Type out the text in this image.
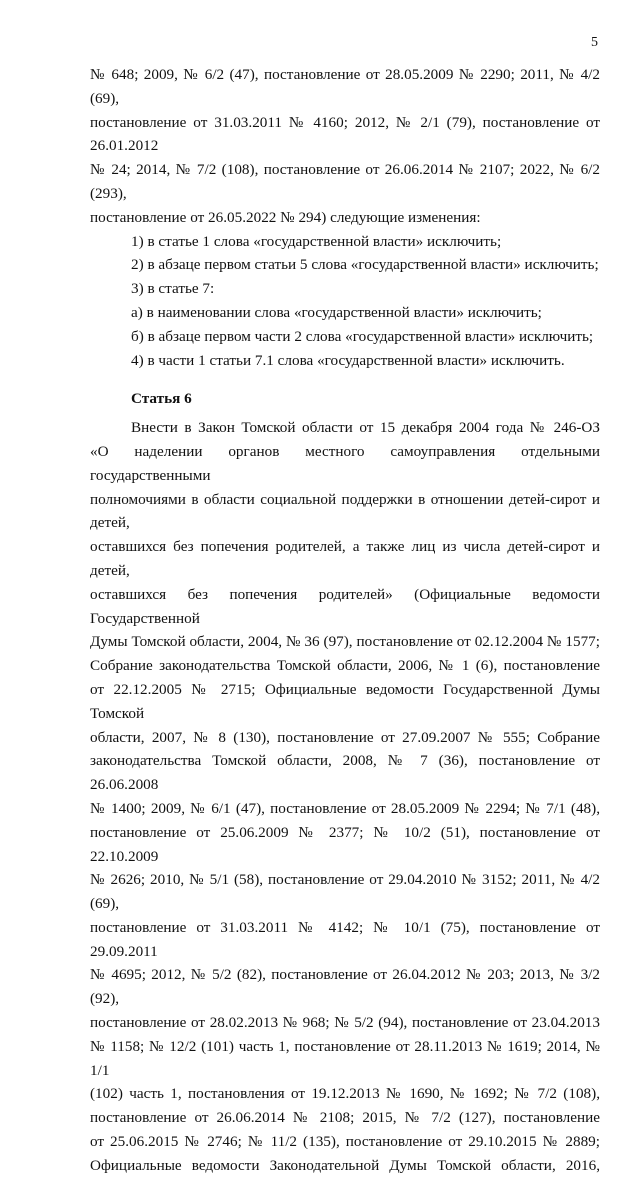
5

№ 648; 2009, № 6/2 (47), постановление от 28.05.2009 № 2290; 2011, № 4/2 (69),

постановление от 31.03.2011 № 4160; 2012, № 2/1 (79), постановление от 26.01.2012

№ 24; 2014, № 7/2 (108), постановление от 26.06.2014 № 2107; 2022, № 6/2 (293),

постановление от 26.05.2022 № 294) следующие изменения:

1) в статье 1 слова «государственной власти» исключить;

2) в абзаце первом статьи 5 слова «государственной власти» исключить;

3) в статье 7:

а) в наименовании слова «государственной власти» исключить;

б) в абзаце первом части 2 слова «государственной власти» исключить;

4) в части 1 статьи 7.1 слова «государственной власти» исключить.

Статья 6

Внести в Закон Томской области от 15 декабря 2004 года № 246-ОЗ

«О наделении органов местного самоуправления отдельными государственными

полномочиями в области социальной поддержки в отношении детей-сирот и детей,

оставшихся без попечения родителей, а также лиц из числа детей-сирот и детей,

оставшихся без попечения родителей» (Официальные ведомости Государственной

Думы Томской области, 2004, № 36 (97), постановление от 02.12.2004 № 1577;

Собрание законодательства Томской области, 2006, № 1 (6), постановление

от 22.12.2005 № 2715; Официальные ведомости Государственной Думы Томской

области, 2007, № 8 (130), постановление от 27.09.2007 № 555; Собрание

законодательства Томской области, 2008, № 7 (36), постановление от 26.06.2008

№ 1400; 2009, № 6/1 (47), постановление от 28.05.2009 № 2294; № 7/1 (48),

постановление от 25.06.2009 № 2377; № 10/2 (51), постановление от 22.10.2009

№ 2626; 2010, № 5/1 (58), постановление от 29.04.2010 № 3152; 2011, № 4/2 (69),

постановление от 31.03.2011 № 4142; № 10/1 (75), постановление от 29.09.2011

№ 4695; 2012, № 5/2 (82), постановление от 26.04.2012 № 203; 2013, № 3/2 (92),

постановление от 28.02.2013 № 968; № 5/2 (94), постановление от 23.04.2013

№ 1158; № 12/2 (101) часть 1, постановление от 28.11.2013 № 1619; 2014, № 1/1

(102) часть 1, постановления от 19.12.2013 № 1690, № 1692; № 7/2 (108),

постановление от 26.06.2014 № 2108; 2015, № 7/2 (127), постановление

от 25.06.2015 № 2746; № 11/2 (135), постановление от 29.10.2015 № 2889;

Официальные ведомости Законодательной Думы Томской области, 2016,
